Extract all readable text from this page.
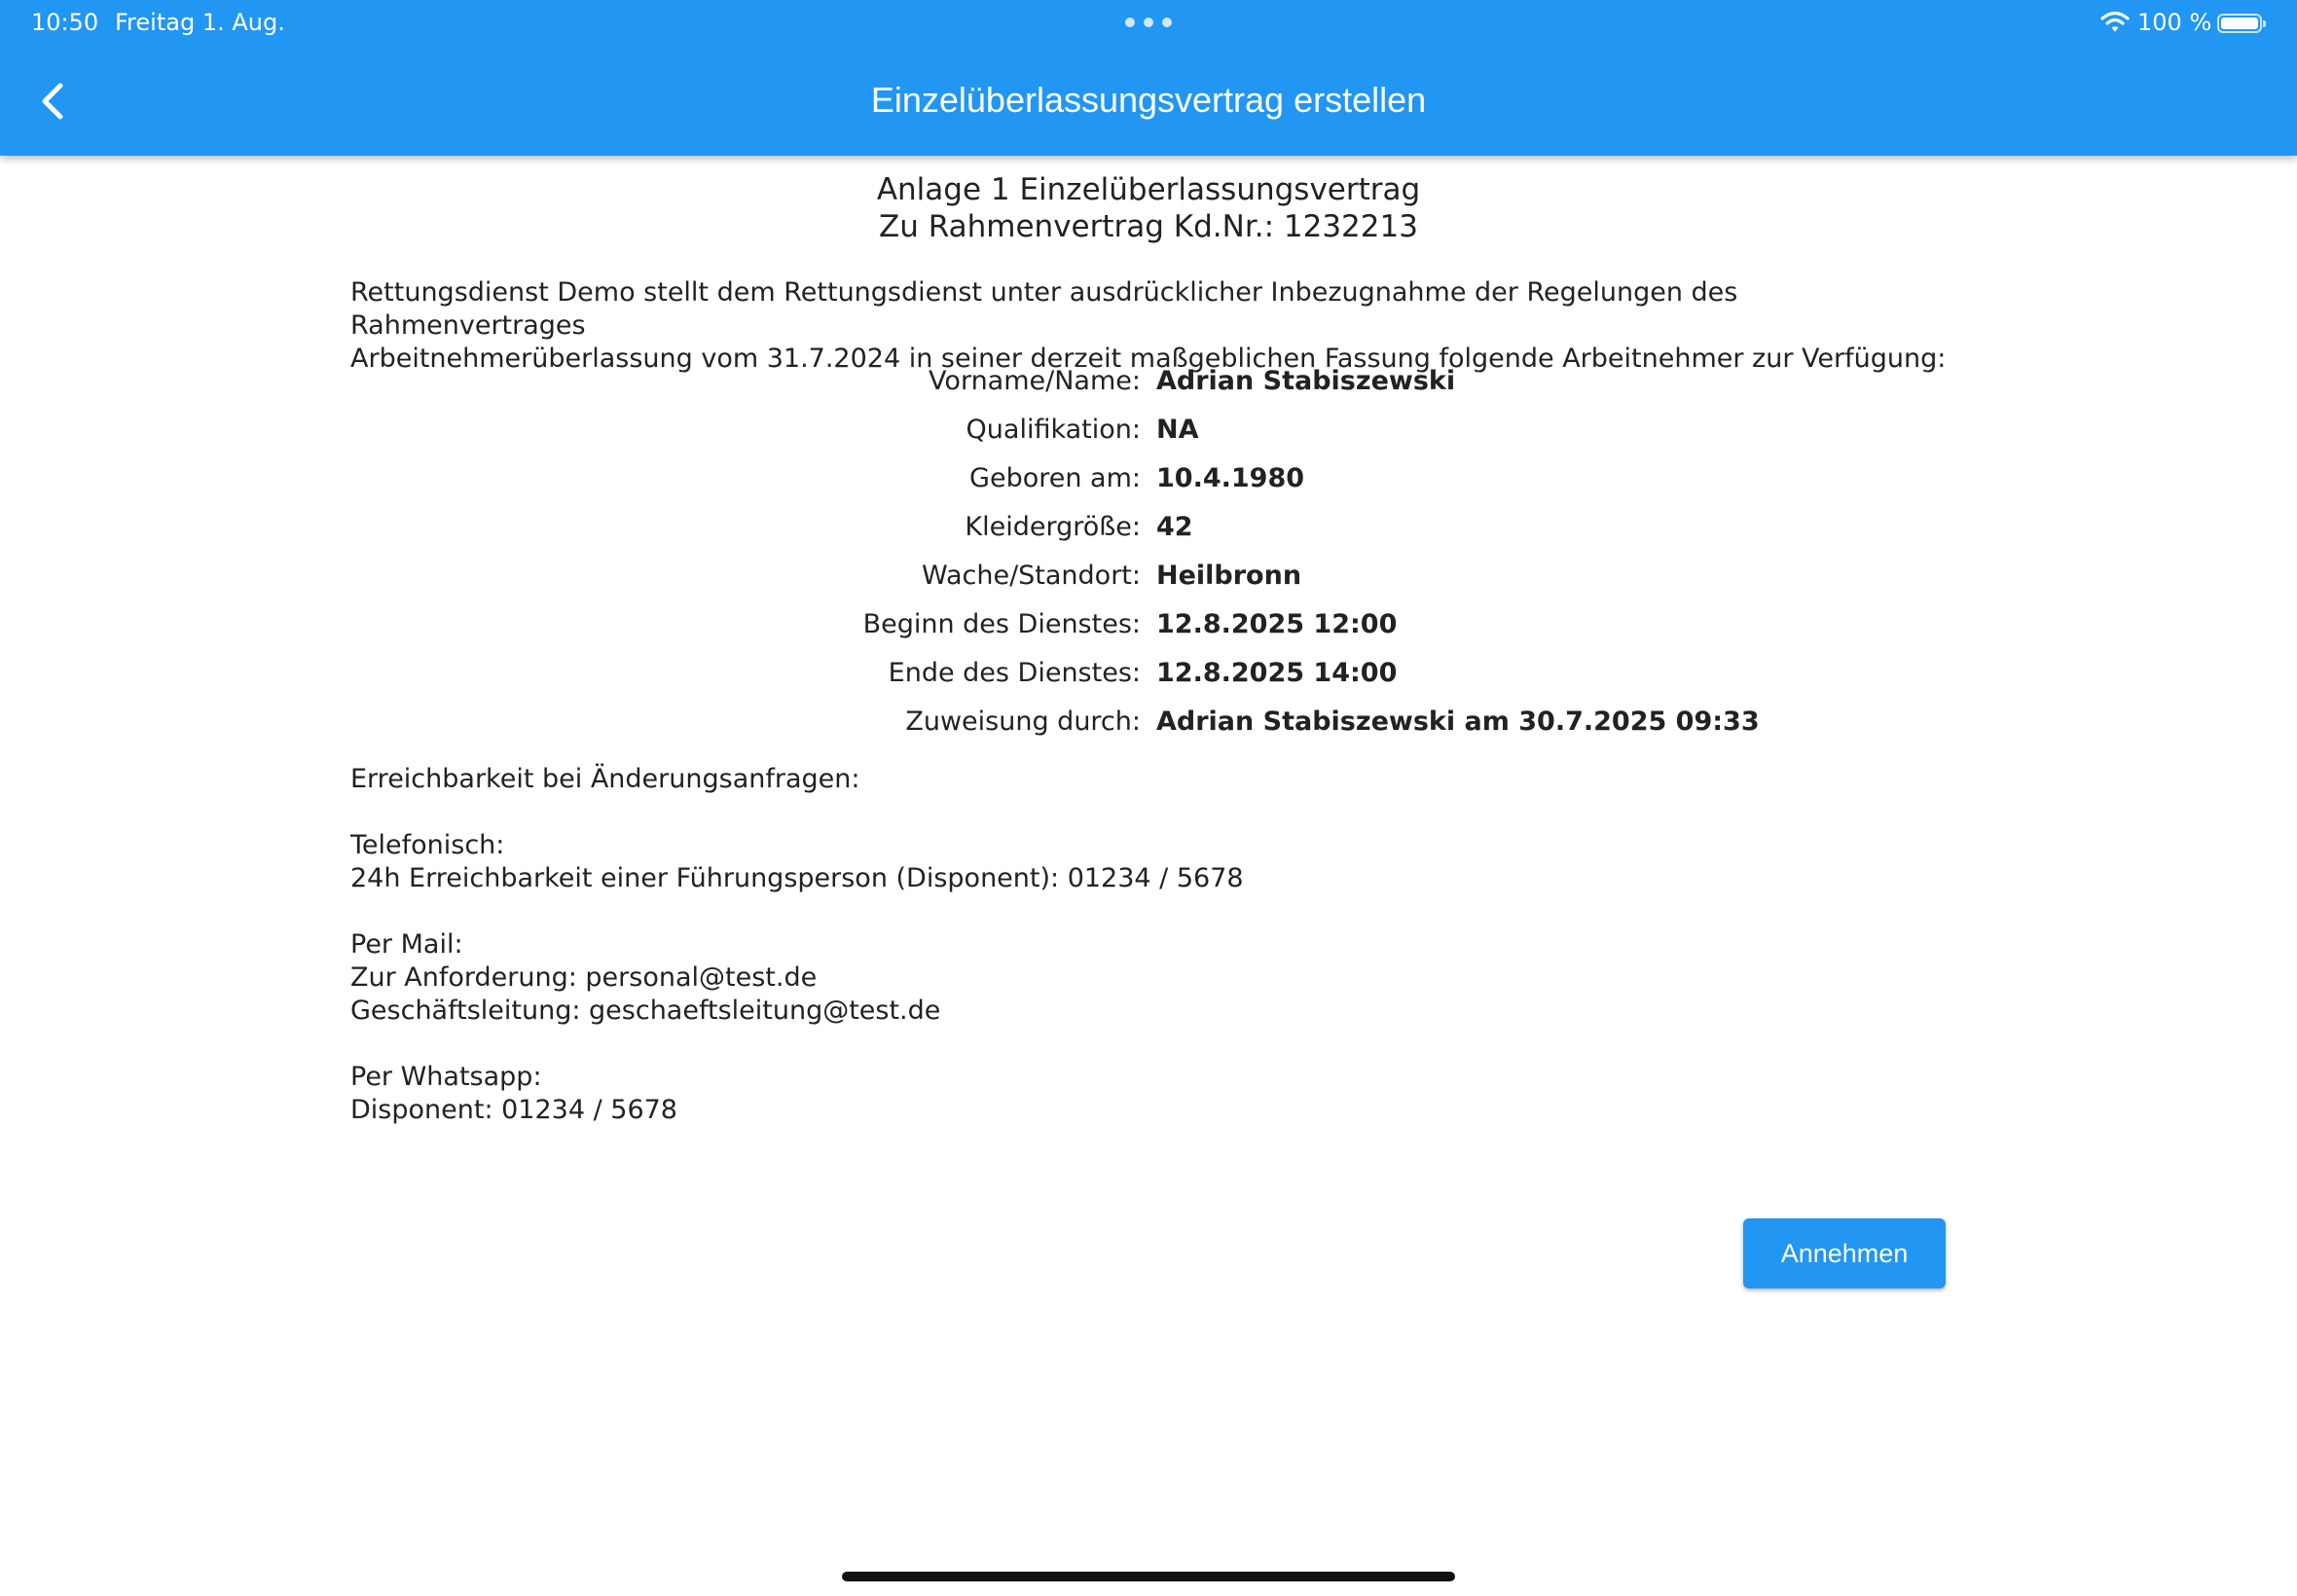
10:50 Freitag 1. Aug.	100 %
Einzelüberlassungsvertrag erstellen
Anlage 1 Einzelüberlassungsvertrag
Zu Rahmenvertrag Kd.Nr.: 1232213
Rettungsdienst Demo stellt dem Rettungsdienst unter ausdrücklicher Inbezugnahme der Regelungen des Rahmenvertrages
Arbeitnehmerüberlassung vom 31.7.2024 in seiner derzeit maßgeblichen Fassung folgende Arbeitnehmer zur Verfügung:
Vorname/Name: Adrian Stabiszewski
Qualifikation: NA
Geboren am: 10.4.1980
Kleidergröße: 42
Wache/Standort: Heilbronn
Beginn des Dienstes: 12.8.2025 12:00
Ende des Dienstes: 12.8.2025 14:00
Zuweisung durch: Adrian Stabiszewski am 30.7.2025 09:33
Erreichbarkeit bei Änderungsanfragen:
Telefonisch:
24h Erreichbarkeit einer Führungsperson (Disponent): 01234 / 5678
Per Mail:
Zur Anforderung: personal@test.de
Geschäftsleitung: geschaeftsleitung@test.de
Per Whatsapp:
Disponent: 01234 / 5678
Annehmen
